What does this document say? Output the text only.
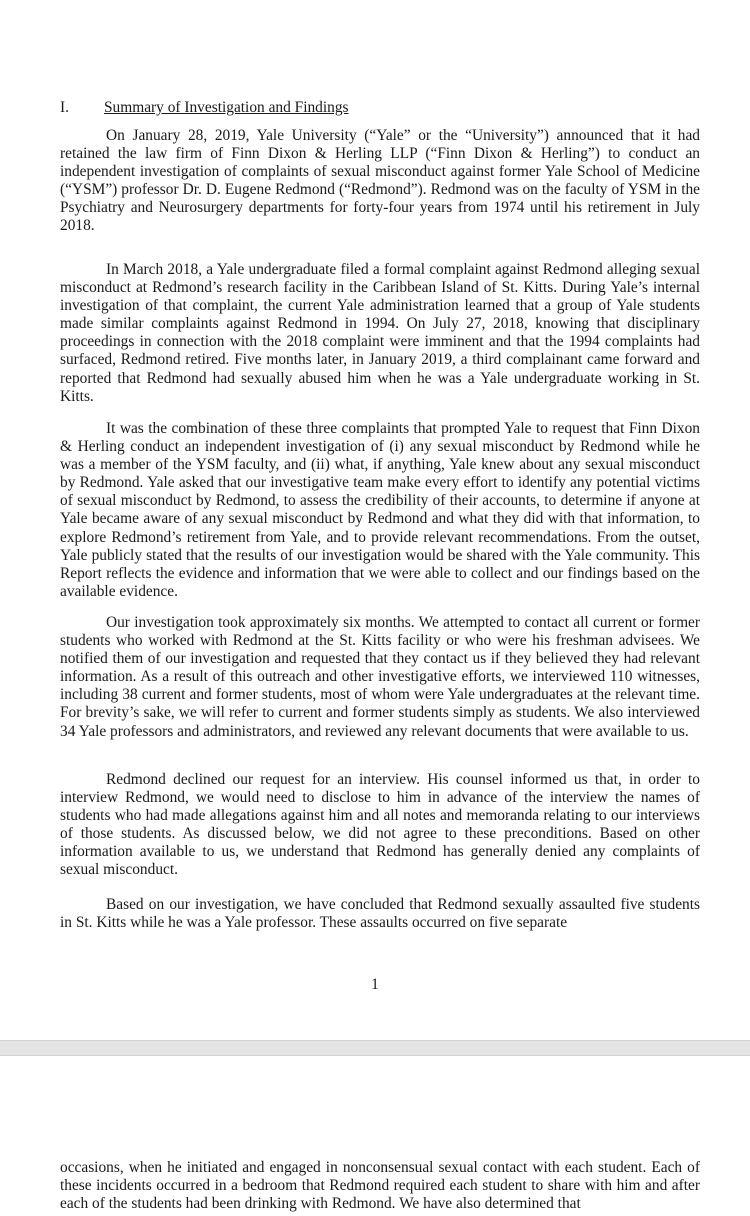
I. Summary of Investigation and Findings

On January 28, 2019, Yale University (“Yale” or the “University”) announced that it had retained the law firm of Finn Dixon & Herling LLP (“Finn Dixon & Herling”) to conduct an independent investigation of complaints of sexual misconduct against former Yale School of Medicine (“YSM”) professor Dr. D. Eugene Redmond (“Redmond”). Redmond was on the faculty of YSM in the Psychiatry and Neurosurgery departments for forty-four years from 1974 until his retirement in July 2018.

In March 2018, a Yale undergraduate filed a formal complaint against Redmond alleging sexual misconduct at Redmond’s research facility in the Caribbean Island of St. Kitts. During Yale’s internal investigation of that complaint, the current Yale administration learned that a group of Yale students made similar complaints against Redmond in 1994. On July 27, 2018, knowing that disciplinary proceedings in connection with the 2018 complaint were imminent and that the 1994 complaints had surfaced, Redmond retired. Five months later, in January 2019, a third complainant came forward and reported that Redmond had sexually abused him when he was a Yale undergraduate working in St. Kitts.

It was the combination of these three complaints that prompted Yale to request that Finn Dixon & Herling conduct an independent investigation of (i) any sexual misconduct by Redmond while he was a member of the YSM faculty, and (ii) what, if anything, Yale knew about any sexual misconduct by Redmond. Yale asked that our investigative team make every effort to identify any potential victims of sexual misconduct by Redmond, to assess the credibility of their accounts, to determine if anyone at Yale became aware of any sexual misconduct by Redmond and what they did with that information, to explore Redmond’s retirement from Yale, and to provide relevant recommendations. From the outset, Yale publicly stated that the results of our investigation would be shared with the Yale community. This Report reflects the evidence and information that we were able to collect and our findings based on the available evidence.

Our investigation took approximately six months. We attempted to contact all current or former students who worked with Redmond at the St. Kitts facility or who were his freshman advisees. We notified them of our investigation and requested that they contact us if they believed they had relevant information. As a result of this outreach and other investigative efforts, we interviewed 110 witnesses, including 38 current and former students, most of whom were Yale undergraduates at the relevant time. For brevity’s sake, we will refer to current and former students simply as students. We also interviewed 34 Yale professors and administrators, and reviewed any relevant documents that were available to us.

Redmond declined our request for an interview. His counsel informed us that, in order to interview Redmond, we would need to disclose to him in advance of the interview the names of students who had made allegations against him and all notes and memoranda relating to our interviews of those students. As discussed below, we did not agree to these preconditions. Based on other information available to us, we understand that Redmond has generally denied any complaints of sexual misconduct.

Based on our investigation, we have concluded that Redmond sexually assaulted five students in St. Kitts while he was a Yale professor. These assaults occurred on five separate

1

occasions, when he initiated and engaged in nonconsensual sexual contact with each student. Each of these incidents occurred in a bedroom that Redmond required each student to share with him and after each of the students had been drinking with Redmond. We have also determined that
